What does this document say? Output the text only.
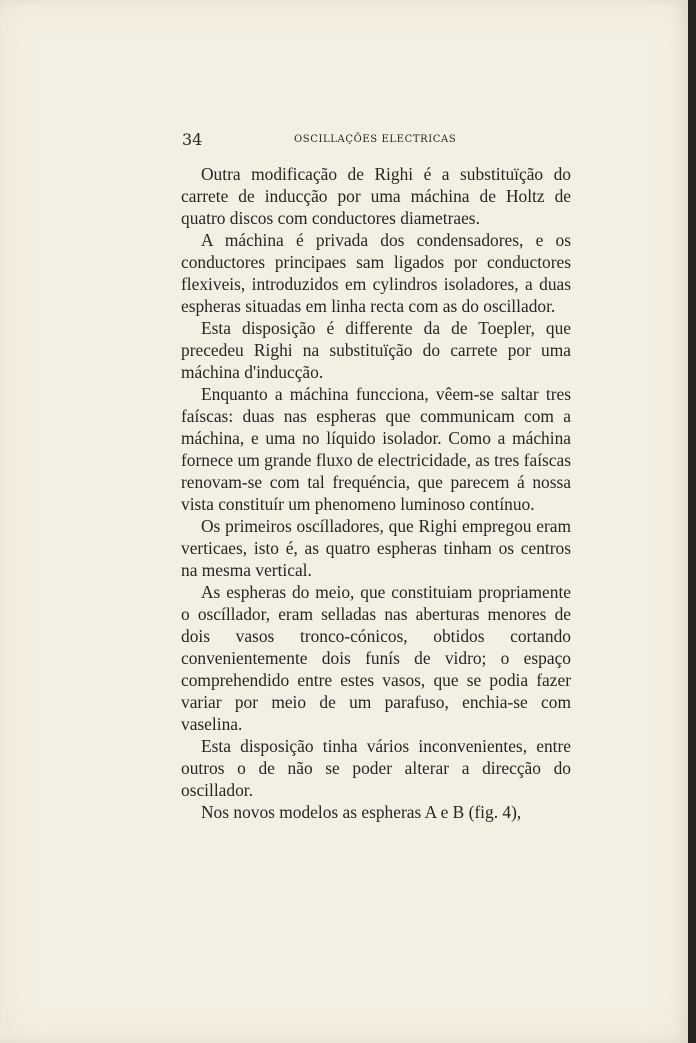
34	OSCILLAÇÕES ELECTRICAS

Outra modificação de Righi é a substituïção do carrete de inducção por uma máchina de Holtz de quatro discos com conductores diametraes.

A máchina é privada dos condensadores, e os conductores principaes sam ligados por conductores flexiveis, introduzidos em cylindros isoladores, a duas espheras situadas em linha recta com as do oscillador.

Esta disposição é differente da de Toepler, que precedeu Righi na substituïção do carrete por uma máchina d'inducção.

Enquanto a máchina funcciona, vêem-se saltar tres faíscas: duas nas espheras que communicam com a máchina, e uma no líquido isolador. Como a máchina fornece um grande fluxo de electricidade, as tres faíscas renovam-se com tal frequéncia, que parecem á nossa vista constituír um phenomeno luminoso contínuo.

Os primeiros oscílladores, que Righi empregou eram verticaes, isto é, as quatro espheras tinham os centros na mesma vertical.

As espheras do meio, que constituiam propriamente o oscíllador, eram selladas nas aberturas menores de dois vasos tronco-cónicos, obtidos cortando convenientemente dois funís de vidro; o espaço comprehendido entre estes vasos, que se podia fazer variar por meio de um parafuso, enchia-se com vaselina.

Esta disposição tinha vários inconvenientes, entre outros o de não se poder alterar a direcção do oscillador.

Nos novos modelos as espheras A e B (fig. 4),
